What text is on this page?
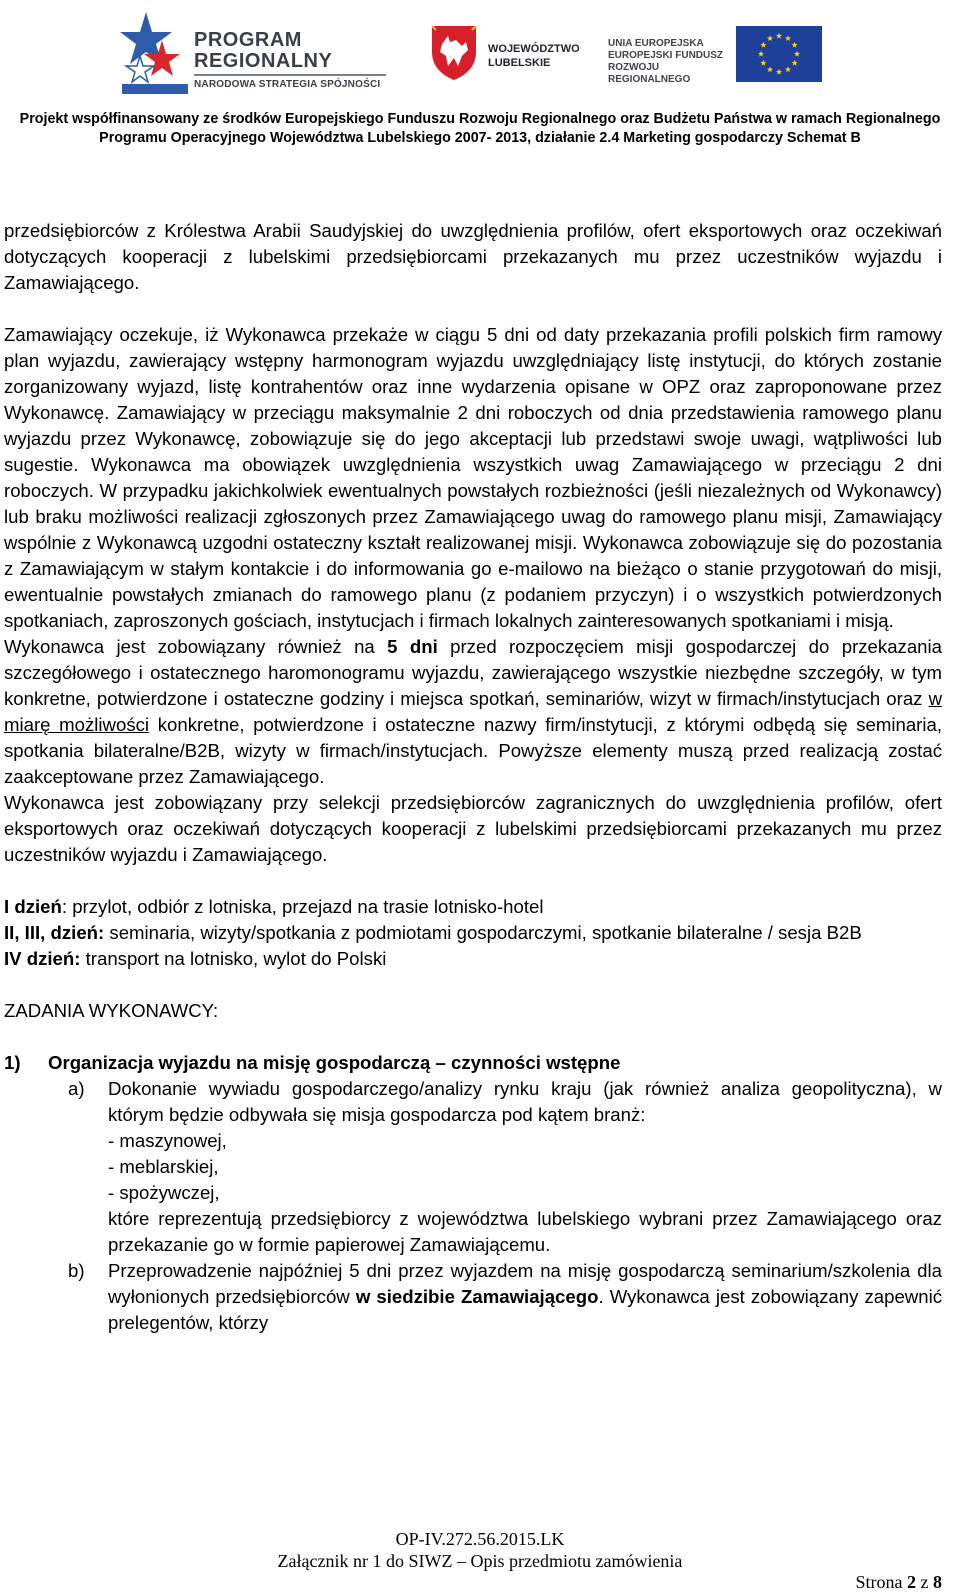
PROGRAM
REGIONALNY
NARODOWA STRATEGIA SPÓJNOŚCI
WOJEWÓDZTWO
LUBELSKIE
UNIA EUROPEJSKA
EUROPEJSKI FUNDUSZ
ROZWOJU REGIONALNEGO
Projekt współfinansowany ze środków Europejskiego Funduszu Rozwoju Regionalnego oraz Budżetu Państwa w ramach Regionalnego
Programu Operacyjnego Województwa Lubelskiego 2007- 2013, działanie 2.4 Marketing gospodarczy Schemat B

przedsiębiorców z Królestwa Arabii Saudyjskiej do uwzględnienia profilów, ofert eksportowych oraz oczekiwań dotyczących kooperacji z lubelskimi przedsiębiorcami przekazanych mu przez uczestników wyjazdu i Zamawiającego.

Zamawiający oczekuje, iż Wykonawca przekaże w ciągu 5 dni od daty przekazania profili polskich firm ramowy plan wyjazdu, zawierający wstępny harmonogram wyjazdu uwzględniający listę instytucji, do których zostanie zorganizowany wyjazd, listę kontrahentów oraz inne wydarzenia opisane w OPZ oraz zaproponowane przez Wykonawcę. Zamawiający w przeciągu maksymalnie 2 dni roboczych od dnia przedstawienia ramowego planu wyjazdu przez Wykonawcę, zobowiązuje się do jego akceptacji lub przedstawi swoje uwagi, wątpliwości lub sugestie. Wykonawca ma obowiązek uwzględnienia wszystkich uwag Zamawiającego w przeciągu 2 dni roboczych. W przypadku jakichkolwiek ewentualnych powstałych rozbieżności (jeśli niezależnych od Wykonawcy) lub braku możliwości realizacji zgłoszonych przez Zamawiającego uwag do ramowego planu misji, Zamawiający wspólnie z Wykonawcą uzgodni ostateczny kształt realizowanej misji. Wykonawca zobowiązuje się do pozostania z Zamawiającym w stałym kontakcie i do informowania go e-mailowo na bieżąco o stanie przygotowań do misji, ewentualnie powstałych zmianach do ramowego planu (z podaniem przyczyn) i o wszystkich potwierdzonych spotkaniach, zaproszonych gościach, instytucjach i firmach lokalnych zainteresowanych spotkaniami i misją.

Wykonawca jest zobowiązany również na 5 dni przed rozpoczęciem misji gospodarczej do przekazania szczegółowego i ostatecznego haromonogramu wyjazdu, zawierającego wszystkie niezbędne szczegóły, w tym konkretne, potwierdzone i ostateczne godziny i miejsca spotkań, seminariów, wizyt w firmach/instytucjach oraz w miarę możliwości konkretne, potwierdzone i ostateczne nazwy firm/instytucji, z którymi odbędą się seminaria, spotkania bilateralne/B2B, wizyty w firmach/instytucjach. Powyższe elementy muszą przed realizacją zostać zaakceptowane przez Zamawiającego.

Wykonawca jest zobowiązany przy selekcji przedsiębiorców zagranicznych do uwzględnienia profilów, ofert eksportowych oraz oczekiwań dotyczących kooperacji z lubelskimi przedsiębiorcami przekazanych mu przez uczestników wyjazdu i Zamawiającego.

I dzień: przylot, odbiór z lotniska, przejazd na trasie lotnisko-hotel

II, III, dzień: seminaria, wizyty/spotkania z podmiotami gospodarczymi, spotkanie bilateralne / sesja B2B

IV dzień: transport na lotnisko, wylot do Polski

ZADANIA WYKONAWCY:

1) Organizacja wyjazdu na misję gospodarczą – czynności wstępne
a) Dokonanie wywiadu gospodarczego/analizy rynku kraju (jak również analiza geopolityczna), w którym będzie odbywała się misja gospodarcza pod kątem branż:
- maszynowej,
- meblarskiej,
- spożywczej,
które reprezentują przedsiębiorcy z województwa lubelskiego wybrani przez Zamawiającego oraz przekazanie go w formie papierowej Zamawiającemu.
b) Przeprowadzenie najpóźniej 5 dni przez wyjazdem na misję gospodarczą seminarium/szkolenia dla wyłonionych przedsiębiorców w siedzibie Zamawiającego. Wykonawca jest zobowiązany zapewnić prelegentów, którzy
OP-IV.272.56.2015.LK
Załącznik nr 1 do SIWZ – Opis przedmiotu zamówienia
Strona 2 z 8
